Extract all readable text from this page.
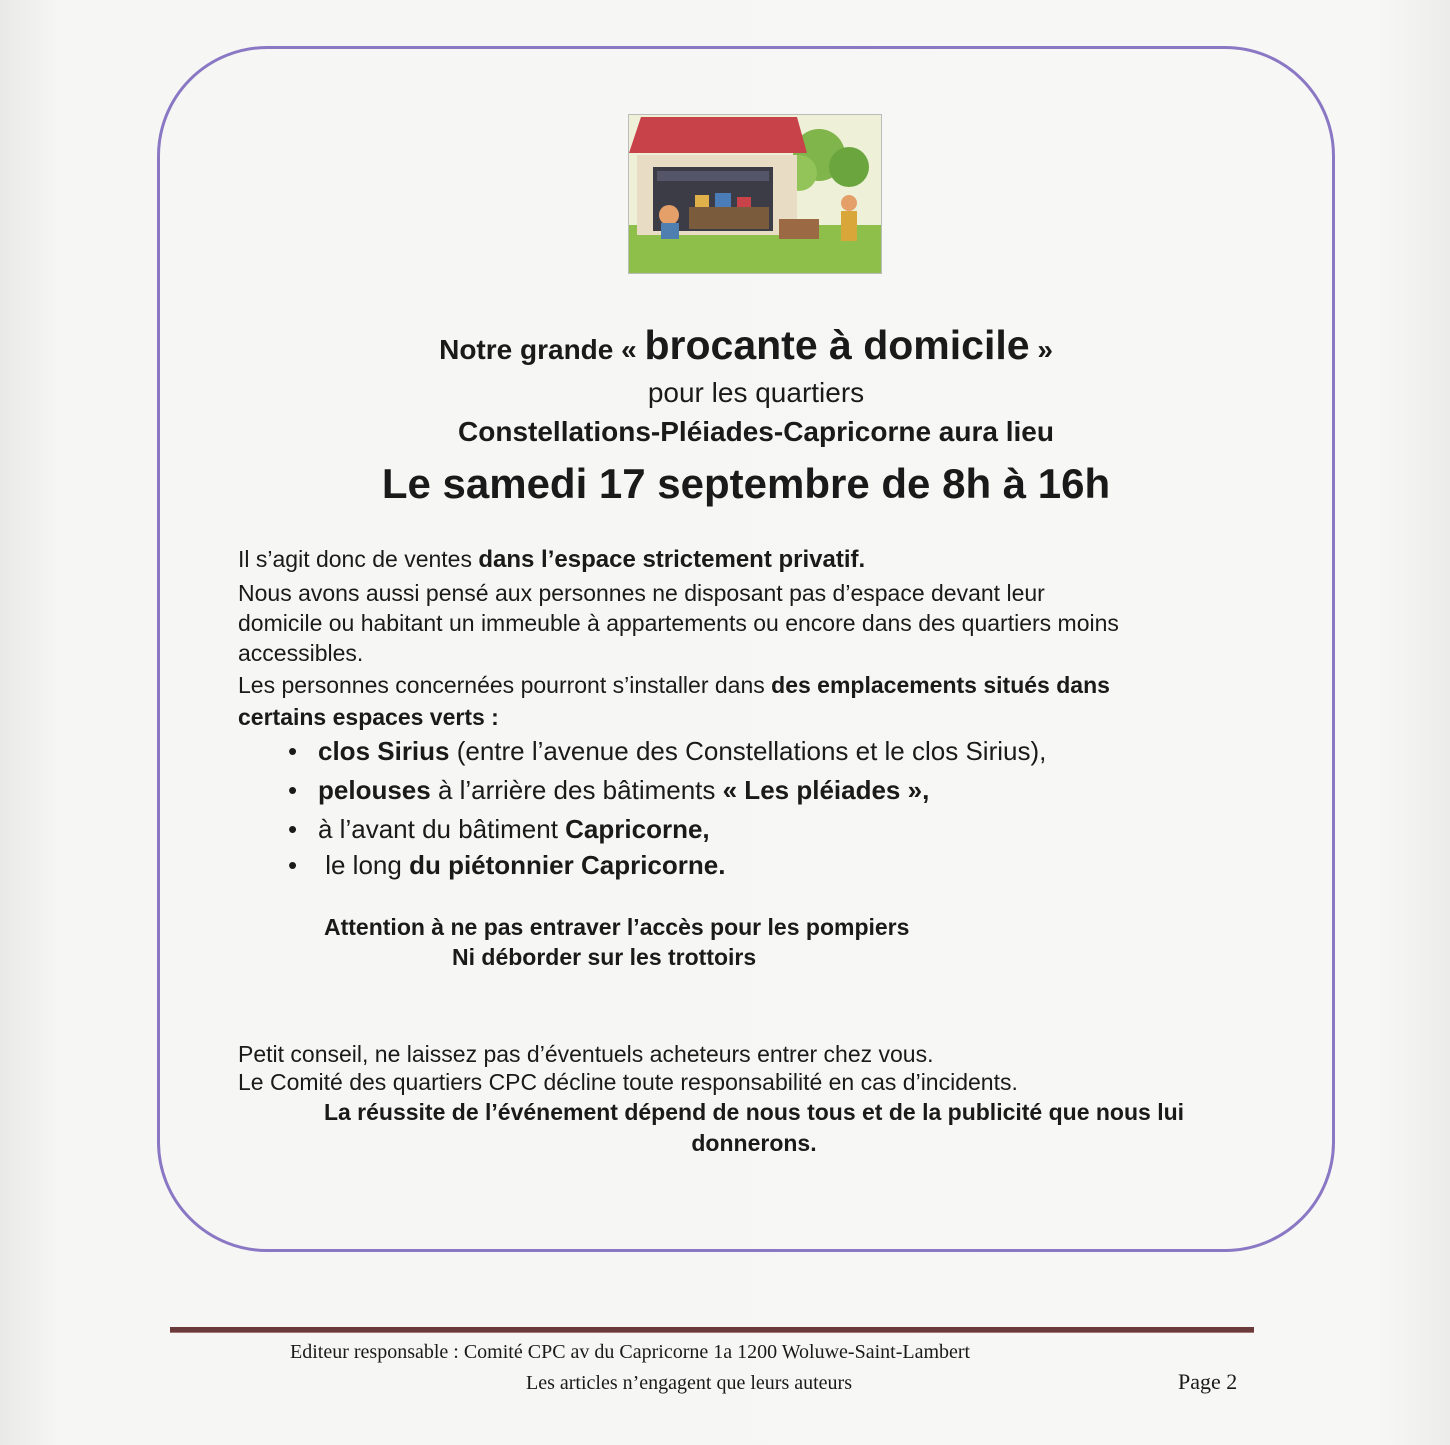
Notre grande « brocante à domicile »
pour les quartiers
Constellations-Pléiades-Capricorne aura lieu
Le samedi 17 septembre de 8h à 16h
Il s’agit donc de ventes dans l’espace strictement privatif.
Nous avons aussi pensé aux personnes ne disposant pas d’espace devant leur
domicile ou habitant un immeuble à appartements ou encore dans des quartiers moins
accessibles.
Les personnes concernées pourront s’installer dans des emplacements situés dans
certains espaces verts :
• clos Sirius (entre l’avenue des Constellations et le clos Sirius),
• pelouses à l’arrière des bâtiments « Les pléiades »,
• à l’avant du bâtiment Capricorne,
• le long du piétonnier Capricorne.
Attention à ne pas entraver l’accès pour les pompiers
Ni déborder sur les trottoirs
Petit conseil, ne laissez pas d’éventuels acheteurs entrer chez vous.
Le Comité des quartiers CPC décline toute responsabilité en cas d’incidents.
La réussite de l’événement dépend de nous tous et de la publicité que nous lui
donnerons.
Editeur responsable : Comité CPC av du Capricorne 1a 1200 Woluwe-Saint-Lambert
Les articles n’engagent que leurs auteurs	Page 2
